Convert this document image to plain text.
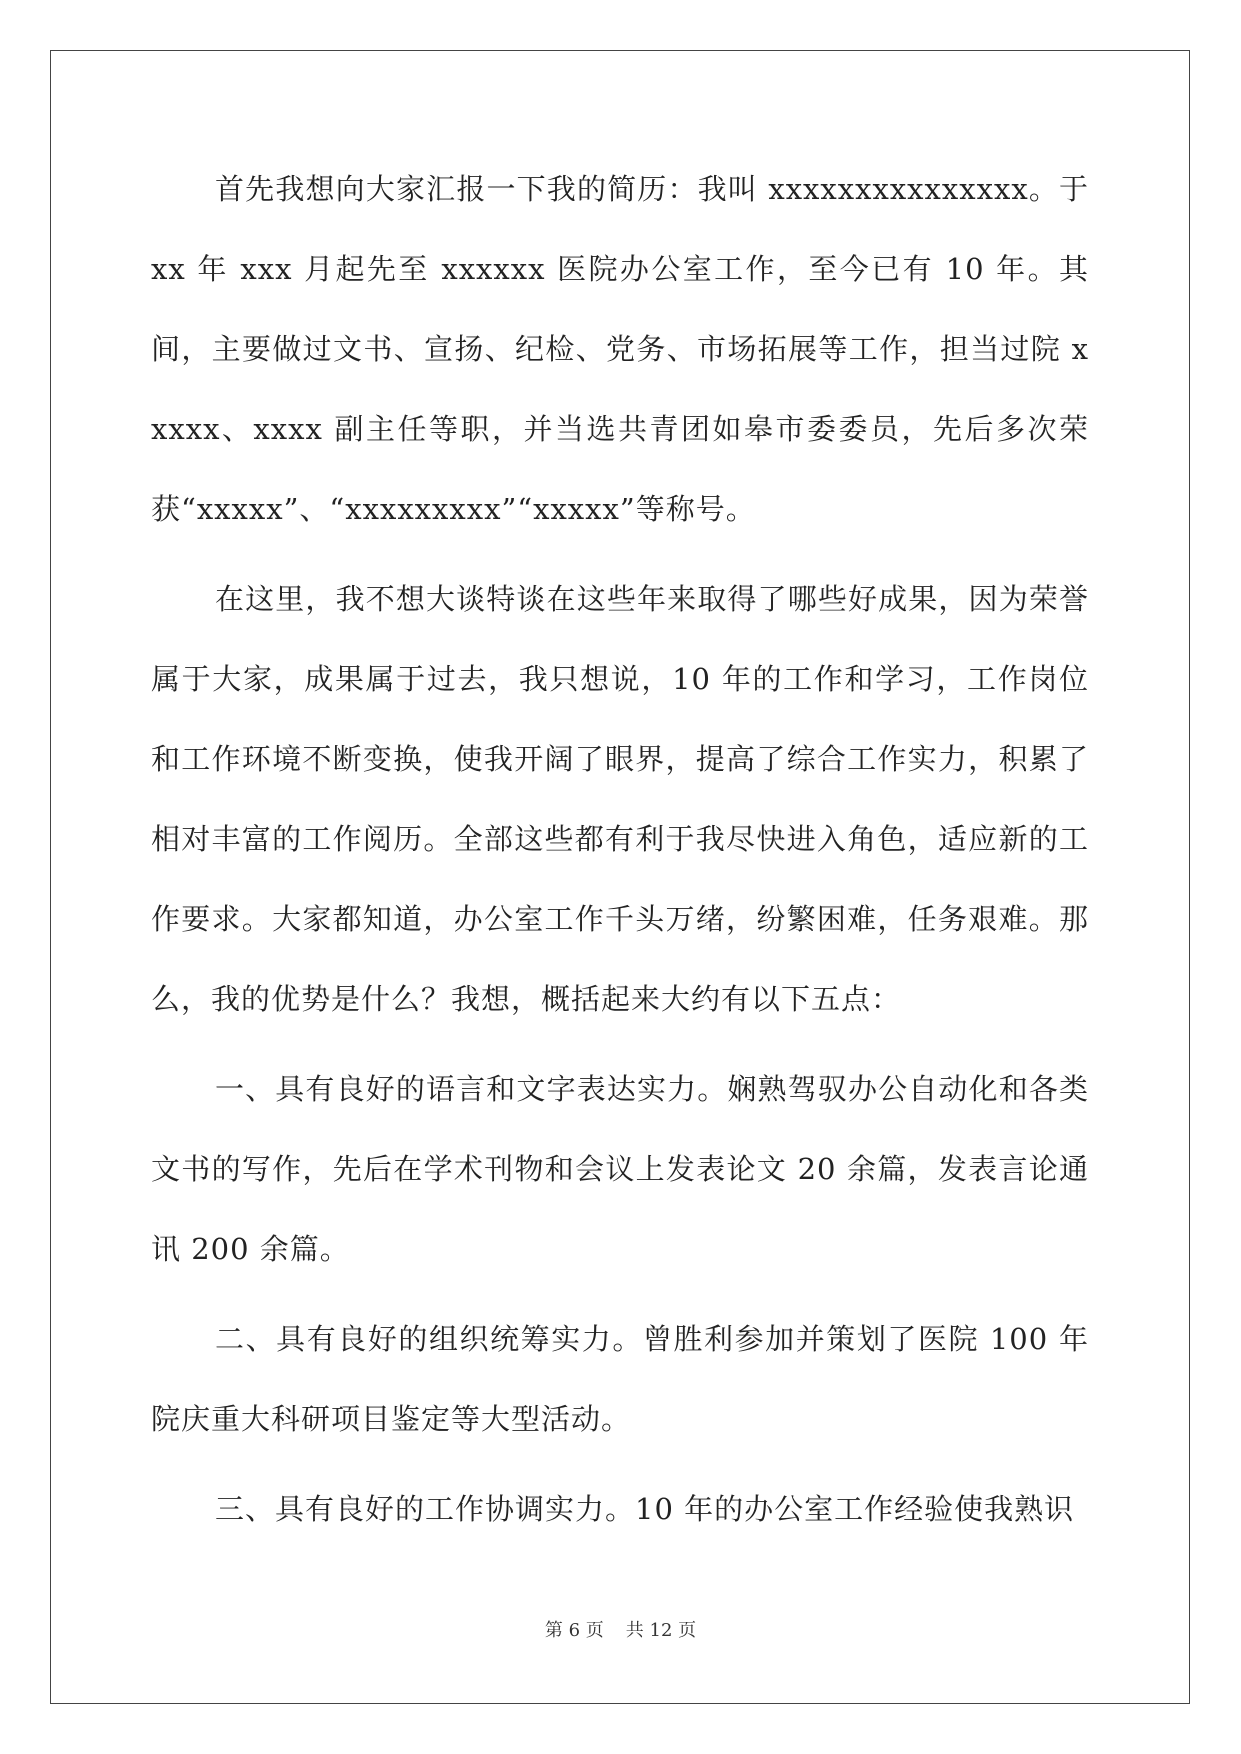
首先我想向大家汇报一下我的简历：我叫 xxxxxxxxxxxxxxx。于 xx 年 xxx 月起先至 xxxxxx 医院办公室工作，至今已有 10 年。其间，主要做过文书、宣扬、纪检、党务、市场拓展等工作，担当过院 xxxxx、xxxx 副主任等职，并当选共青团如皋市委委员，先后多次荣获“xxxxx”、“xxxxxxxxx”“xxxxx”等称号。

在这里，我不想大谈特谈在这些年来取得了哪些好成果，因为荣誉属于大家，成果属于过去，我只想说，10 年的工作和学习，工作岗位和工作环境不断变换，使我开阔了眼界，提高了综合工作实力，积累了相对丰富的工作阅历。全部这些都有利于我尽快进入角色，适应新的工作要求。大家都知道，办公室工作千头万绪，纷繁困难，任务艰难。那么，我的优势是什么？我想，概括起来大约有以下五点：

一、具有良好的语言和文字表达实力。娴熟驾驭办公自动化和各类文书的写作，先后在学术刊物和会议上发表论文 20 余篇，发表言论通讯 200 余篇。

二、具有良好的组织统筹实力。曾胜利参加并策划了医院 100 年院庆重大科研项目鉴定等大型活动。

三、具有良好的工作协调实力。10 年的办公室工作经验使我熟识

第 6 页 共 12 页
